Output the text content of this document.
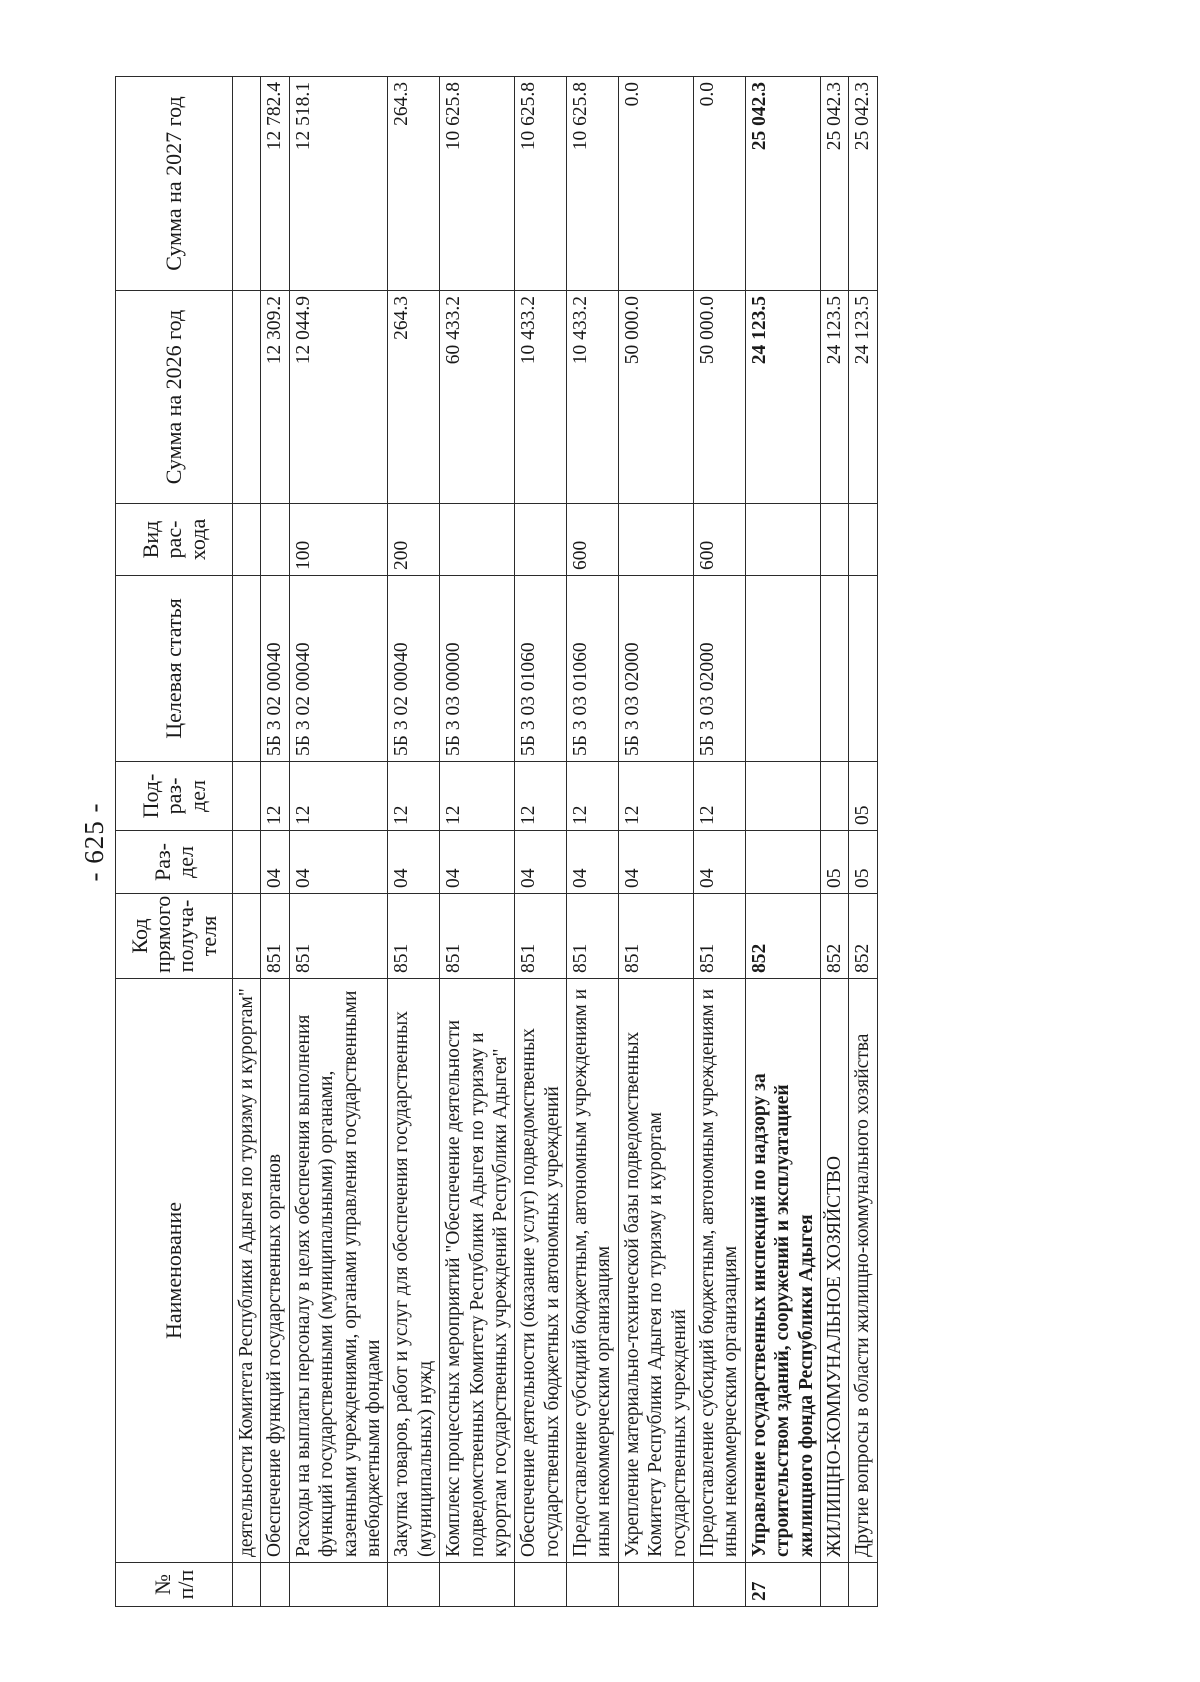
- 625 -
№ п/п	Наименование	Код прямого получа-теля	Раз-дел	Под-раз-дел	Целевая статья	Вид рас-хода	Сумма на 2026 год	Сумма на 2027 год
	деятельности Комитета Республики Адыгея по туризму и курортам"							
	Обеспечение функций государственных органов	851	04	12	5Б 3 02 00040		12 309.2	12 782.4
	Расходы на выплаты персоналу в целях обеспечения выполнения функций государственными (муниципальными) органами, казенными учреждениями, органами управления государственными внебюджетными фондами	851	04	12	5Б 3 02 00040	100	12 044.9	12 518.1
	Закупка товаров, работ и услуг для обеспечения государственных (муниципальных) нужд	851	04	12	5Б 3 02 00040	200	264.3	264.3
	Комплекс процессных мероприятий "Обеспечение деятельности подведомственных Комитету Республики Адыгея по туризму и курортам государственных учреждений Республики Адыгея"	851	04	12	5Б 3 03 00000		60 433.2	10 625.8
	Обеспечение деятельности (оказание услуг) подведомственных государственных бюджетных и автономных учреждений	851	04	12	5Б 3 03 01060		10 433.2	10 625.8
	Предоставление субсидий бюджетным, автономным учреждениям и иным некоммерческим организациям	851	04	12	5Б 3 03 01060	600	10 433.2	10 625.8
	Укрепление материально-технической базы подведомственных Комитету Республики Адыгея по туризму и курортам государственных учреждений	851	04	12	5Б 3 03 02000		50 000.0	0.0
	Предоставление субсидий бюджетным, автономным учреждениям и иным некоммерческим организациям	851	04	12	5Б 3 03 02000	600	50 000.0	0.0
27	Управление государственных инспекций по надзору за строительством зданий, сооружений и эксплуатацией жилищного фонда Республики Адыгея	852					24 123.5	25 042.3
	ЖИЛИЩНО-КОММУНАЛЬНОЕ ХОЗЯЙСТВО	852	05				24 123.5	25 042.3
	Другие вопросы в области жилищно-коммунального хозяйства	852	05	05			24 123.5	25 042.3
